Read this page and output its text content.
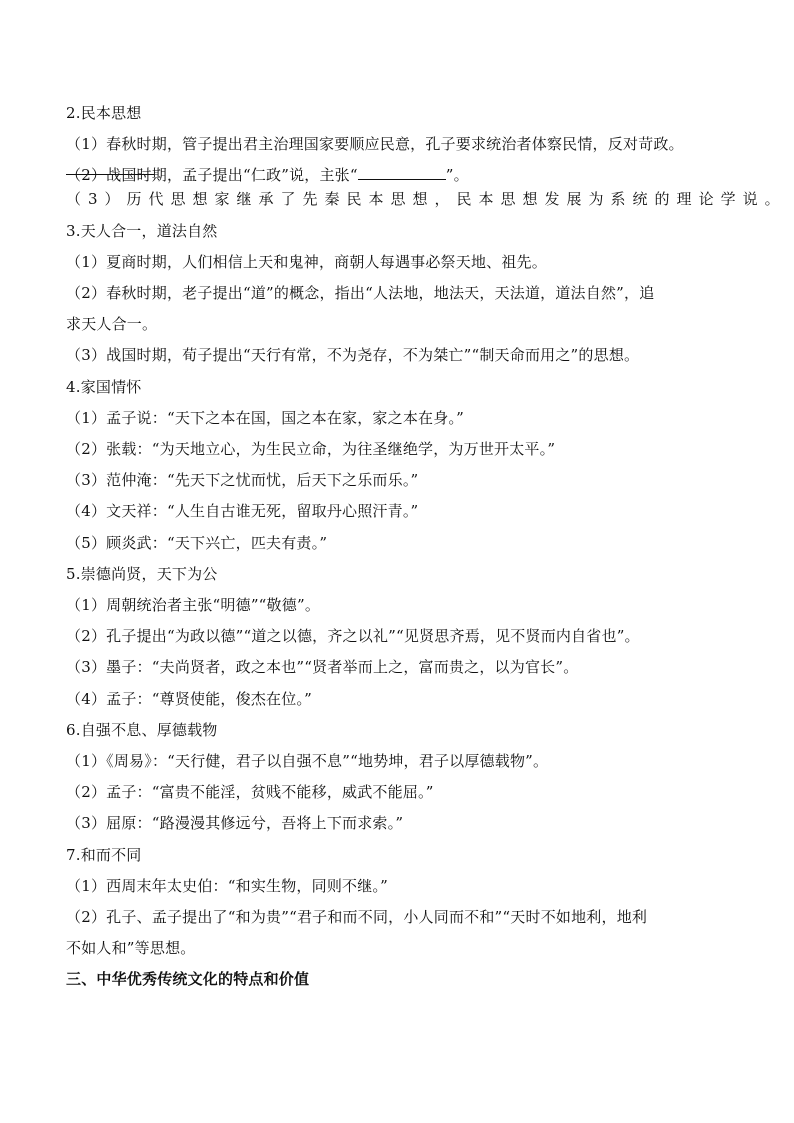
2.民本思想
（1）春秋时期，管子提出君主治理国家要顺应民意，孔子要求统治者体察民情，反对苛政。
（2）战国时期，孟子提出“仁政”说，主张“	”。
（3）历代思想家继承了先秦民本思想，民本思想发展为系统的理论学说。
3.天人合一，道法自然
（1）夏商时期，人们相信上天和鬼神，商朝人每遇事必祭天地、祖先。
（2）春秋时期，老子提出“道”的概念，指出“人法地，地法天，天法道，道法自然”，追
求天人合一。
（3）战国时期，荀子提出“天行有常，不为尧存，不为桀亡”“制天命而用之”的思想。
4.家国情怀
（1）孟子说：“天下之本在国，国之本在家，家之本在身。”
（2）张载：“为天地立心，为生民立命，为往圣继绝学，为万世开太平。”
（3）范仲淹：“先天下之忧而忧，后天下之乐而乐。”
（4）文天祥：“人生自古谁无死，留取丹心照汗青。”
（5）顾炎武：“天下兴亡，匹夫有责。”
5.崇德尚贤，天下为公
（1）周朝统治者主张“明德”“敬德”。
（2）孔子提出“为政以德”“道之以德，齐之以礼”“见贤思齐焉，见不贤而内自省也”。
（3）墨子：“夫尚贤者，政之本也”“贤者举而上之，富而贵之，以为官长”。
（4）孟子：“尊贤使能，俊杰在位。”
6.自强不息、厚德载物
（1）《周易》：“天行健，君子以自强不息”“地势坤，君子以厚德载物”。
（2）孟子：“富贵不能淫，贫贱不能移，威武不能屈。”
（3）屈原：“路漫漫其修远兮，吾将上下而求索。”
7.和而不同
（1）西周末年太史伯：“和实生物，同则不继。”
（2）孔子、孟子提出了“和为贵”“君子和而不同，小人同而不和”“天时不如地利，地利
不如人和”等思想。
三、中华优秀传统文化的特点和价值
